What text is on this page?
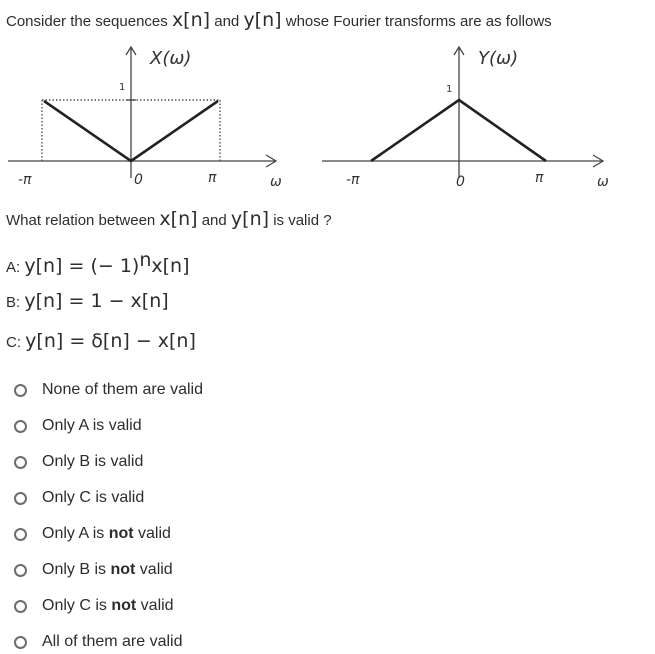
Consider the sequences x[n] and y[n] whose Fourier transforms are as follows
X(ω)
1
-π	0	π	ω
Y(ω)
1
-π	0	π	ω
What relation between x[n] and y[n] is valid ?
A: y[n] = (− 1)$^n$x[n]
B: y[n] = 1 − x[n]
C: y[n] = δ[n] − x[n]
None of them are valid
Only A is valid
Only B is valid
Only C is valid
Only A is not valid
Only B is not valid
Only C is not valid
All of them are valid
